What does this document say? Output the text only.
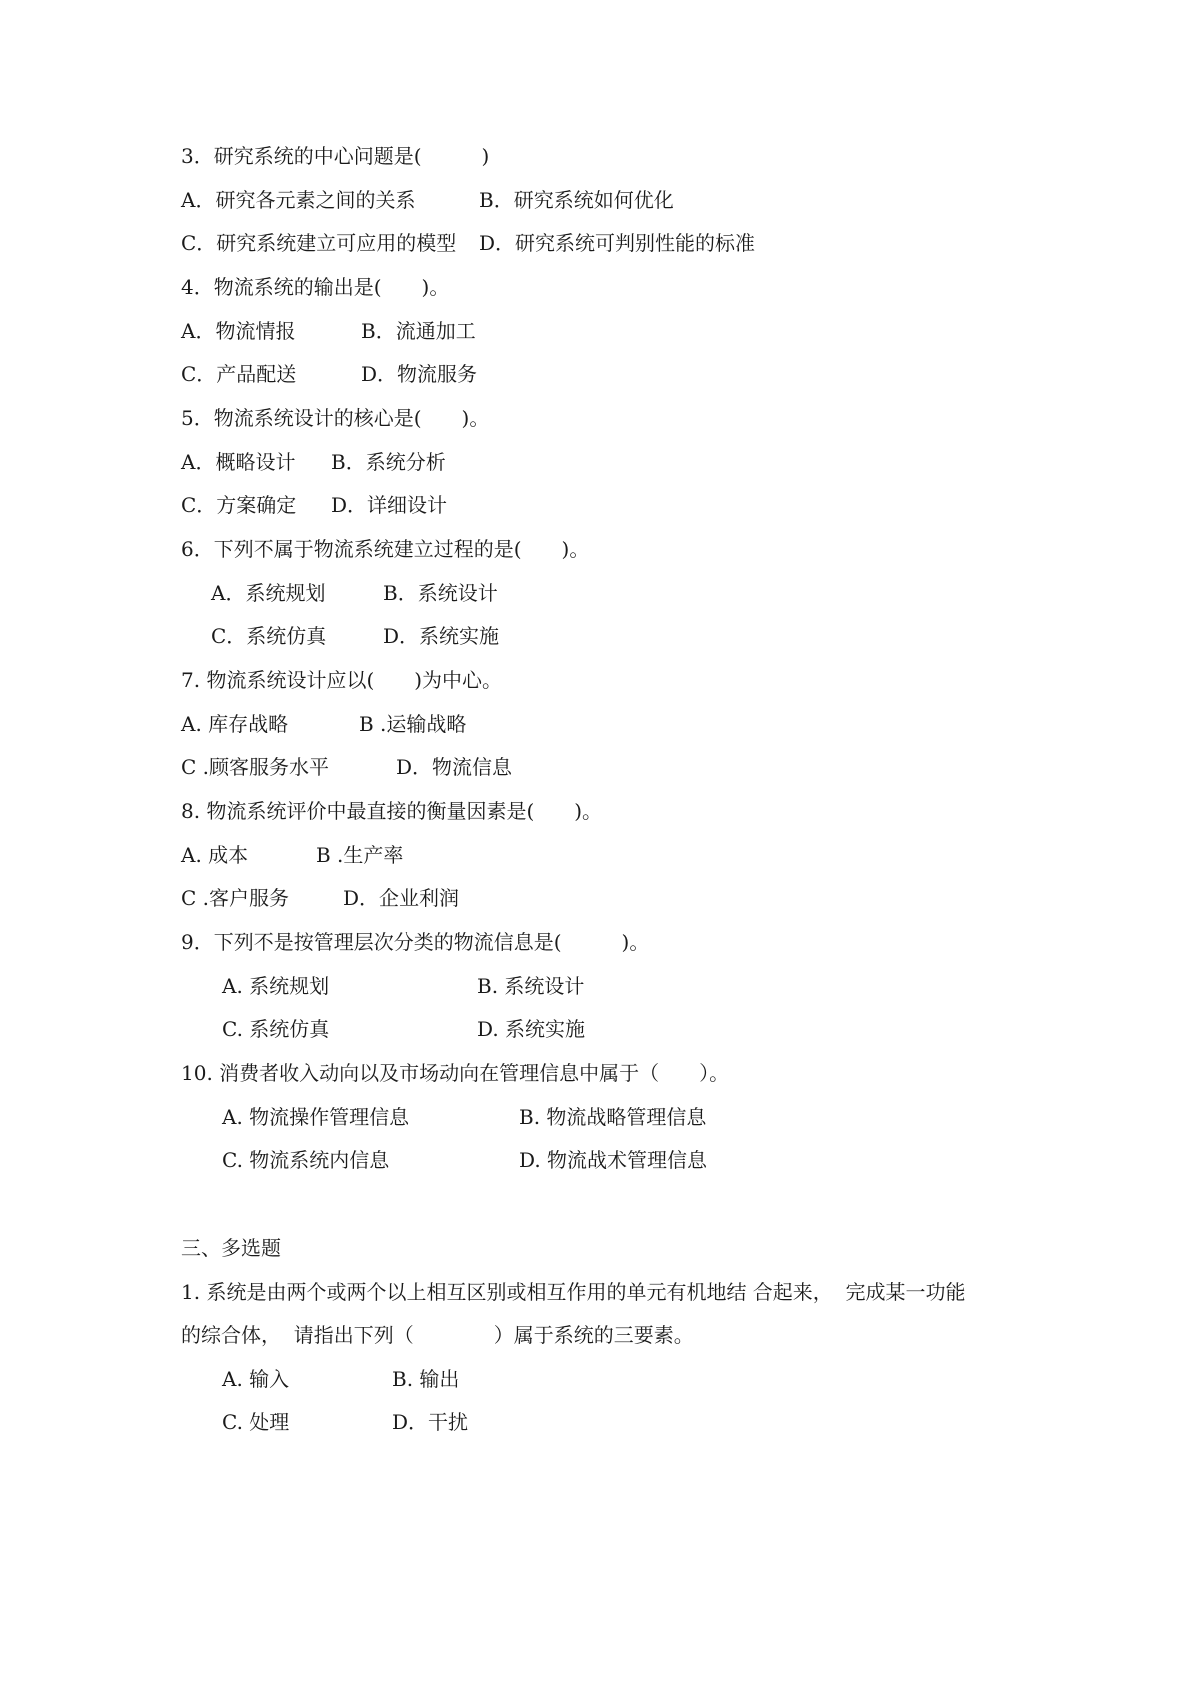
3．研究系统的中心问题是(　　　)

A．研究各元素之间的关系

	B．研究系统如何优化

C．研究系统建立可应用的模型

D．研究系统可判别性能的标准

4．物流系统的输出是(　　)。

A．物流情报

	B．流通加工

C．产品配送

	D．物流服务

5．物流系统设计的核心是(　　)。

A．概略设计

B．系统分析

C．方案确定

D．详细设计

6．下列不属于物流系统建立过程的是(　　)。

A．系统规划

	B．系统设计

C．系统仿真

	D．系统实施

7. 物流系统设计应以(　　)为中心。

A. 库存战略

	B .运输战略

C .顾客服务水平

	D．物流信息

8. 物流系统评价中最直接的衡量因素是(　　)。

A. 成本

	B .生产率

C .客户服务

	D．企业利润

9．下列不是按管理层次分类的物流信息是(　　　)。

A. 系统规划

	B. 系统设计

C. 系统仿真

	D. 系统实施

10. 消费者收入动向以及市场动向在管理信息中属于（　　）。

A. 物流操作管理信息

	B. 物流战略管理信息

C. 物流系统内信息

	D. 物流战术管理信息

三、多选题
1. 系统是由两个或两个以上相互区别或相互作用的单元有机地结 合起来，  完成某一功能
的综合体，  请指出下列（　　　　）属于系统的三要素。

A. 输入

	B. 输出

C. 处理

	D．干扰
